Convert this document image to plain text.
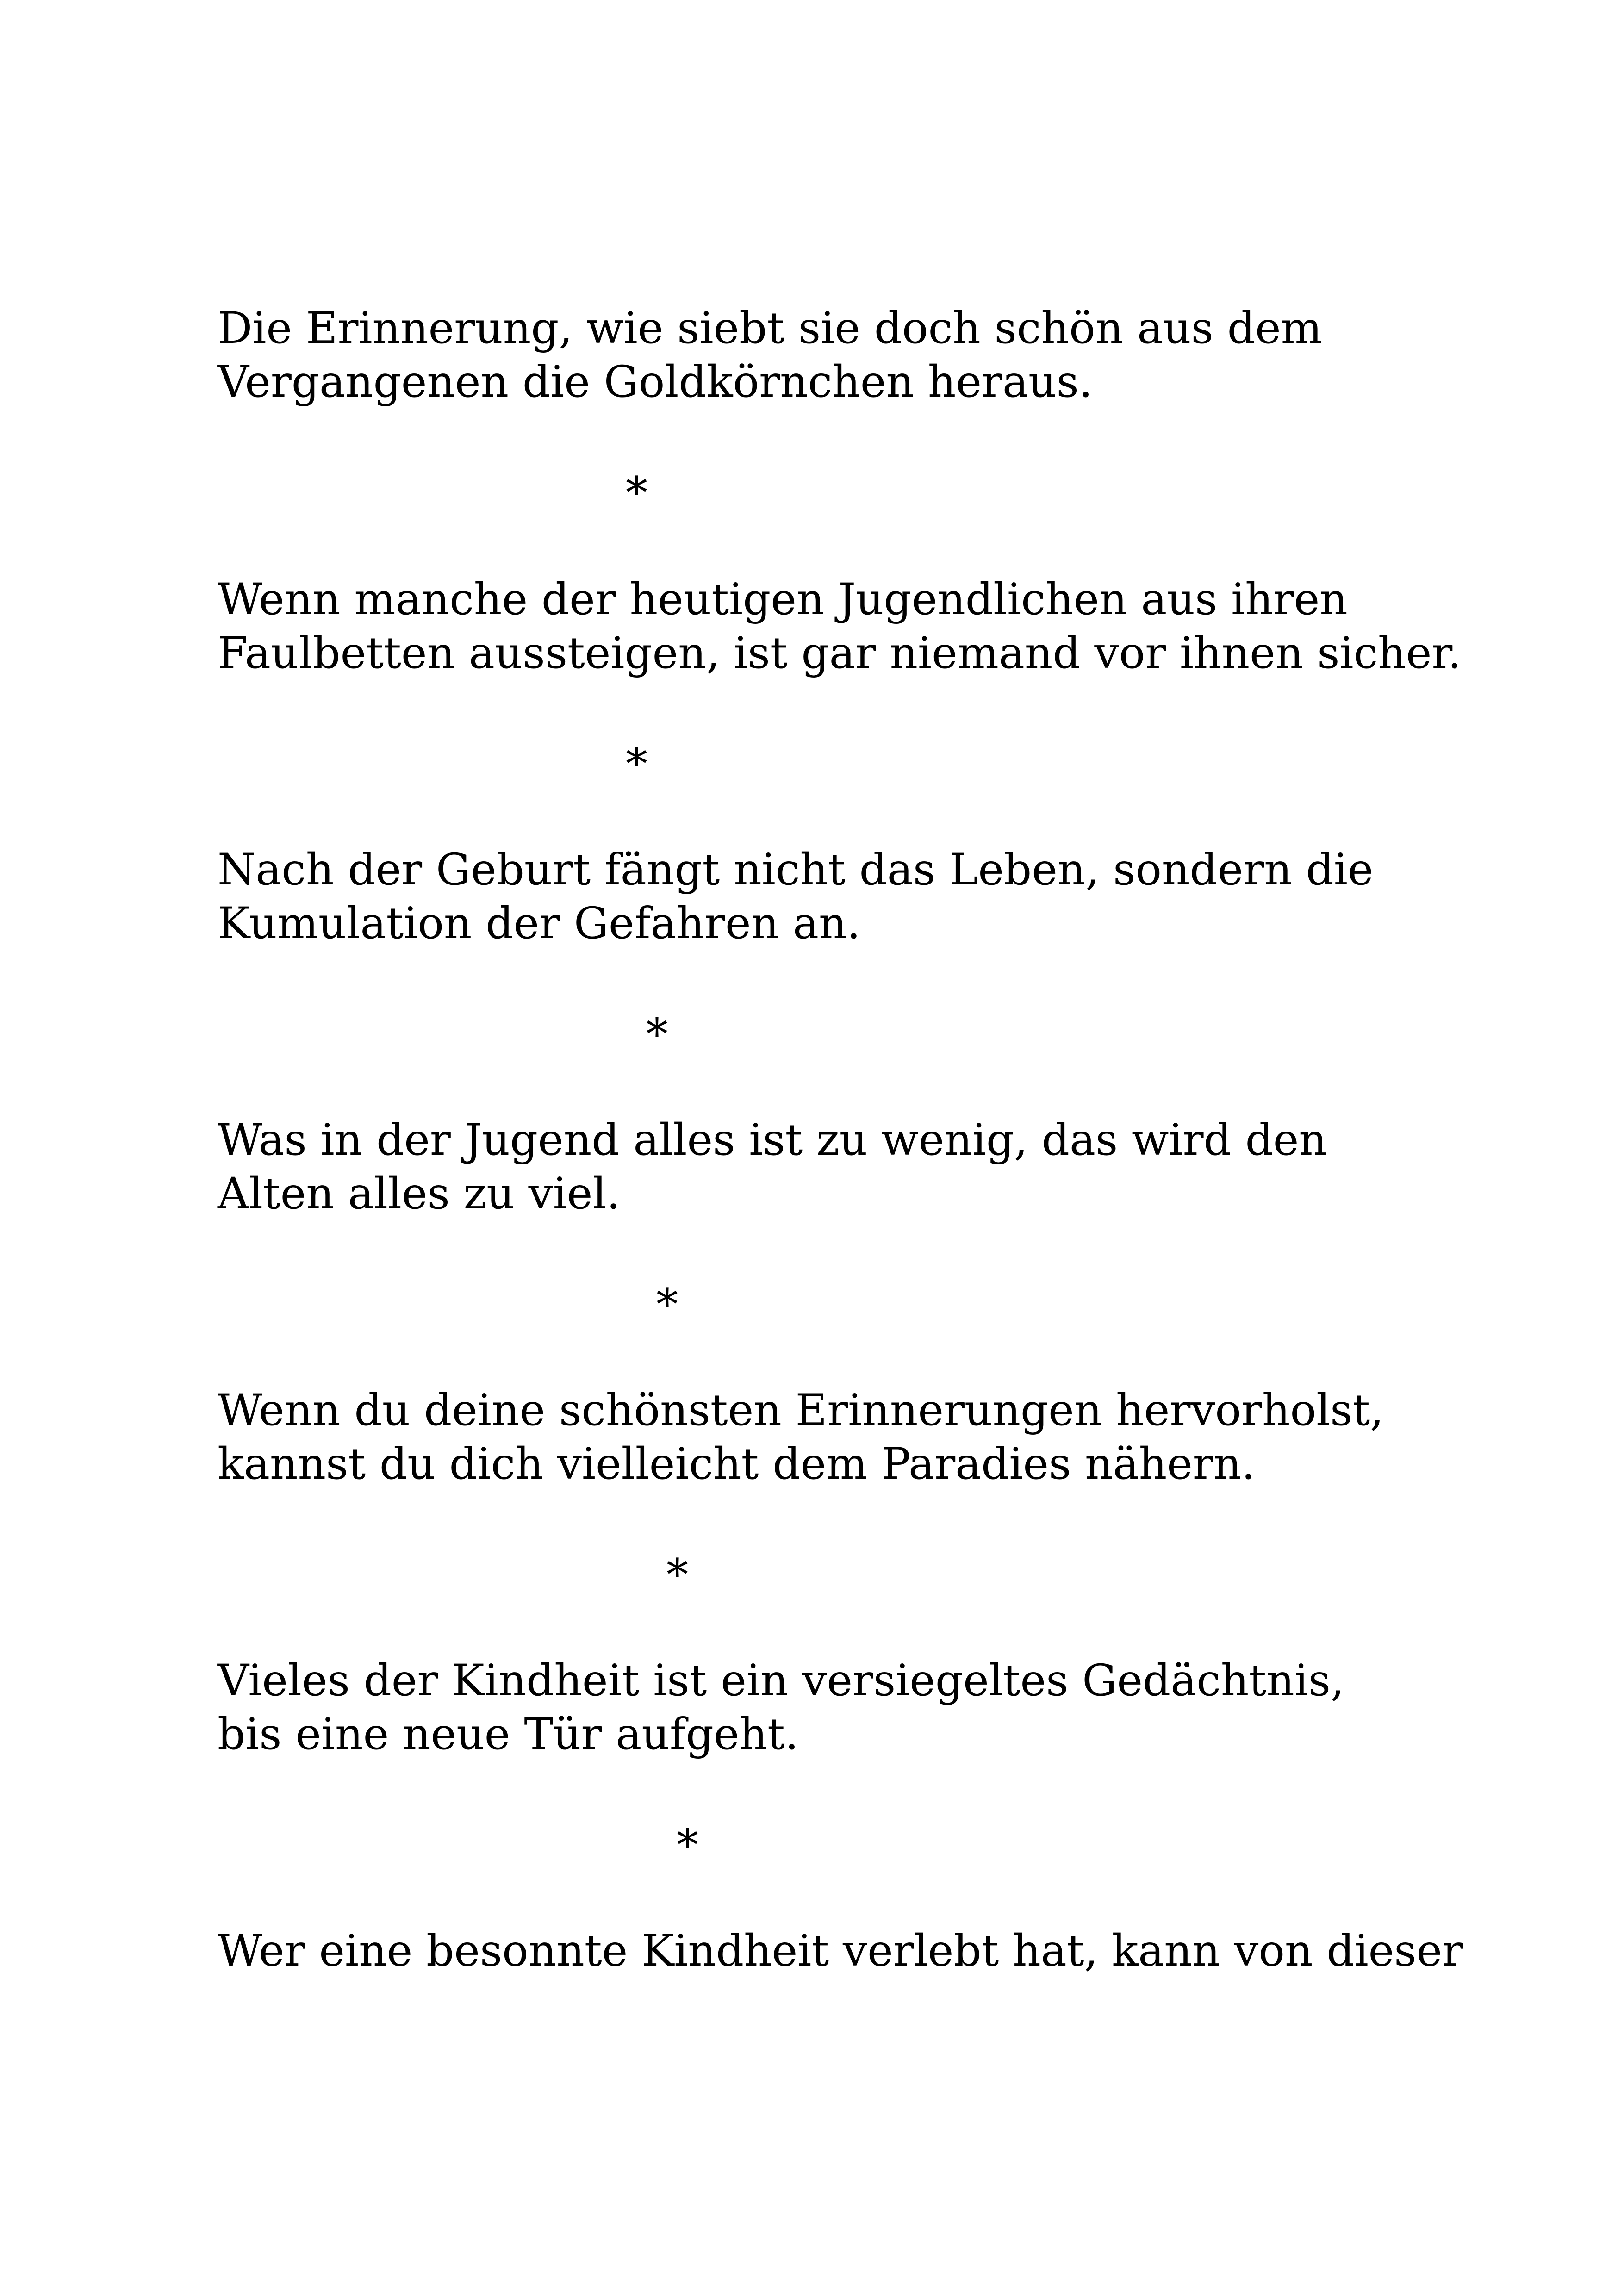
Die Erinnerung, wie siebt sie doch schön aus dem

Vergangenen die Goldkörnchen heraus.

*

Wenn manche der heutigen Jugendlichen aus ihren

Faulbetten aussteigen, ist gar niemand vor ihnen sicher.

*

Nach der Geburt fängt nicht das Leben, sondern die

Kumulation der Gefahren an.

*

Was in der Jugend alles ist zu wenig, das wird den

Alten alles zu viel.

*

Wenn du deine schönsten Erinnerungen hervorholst,

kannst du dich vielleicht dem Paradies nähern.

*

Vieles der Kindheit ist ein versiegeltes Gedächtnis,

bis eine neue Tür aufgeht.

*

Wer eine besonnte Kindheit verlebt hat, kann von dieser
